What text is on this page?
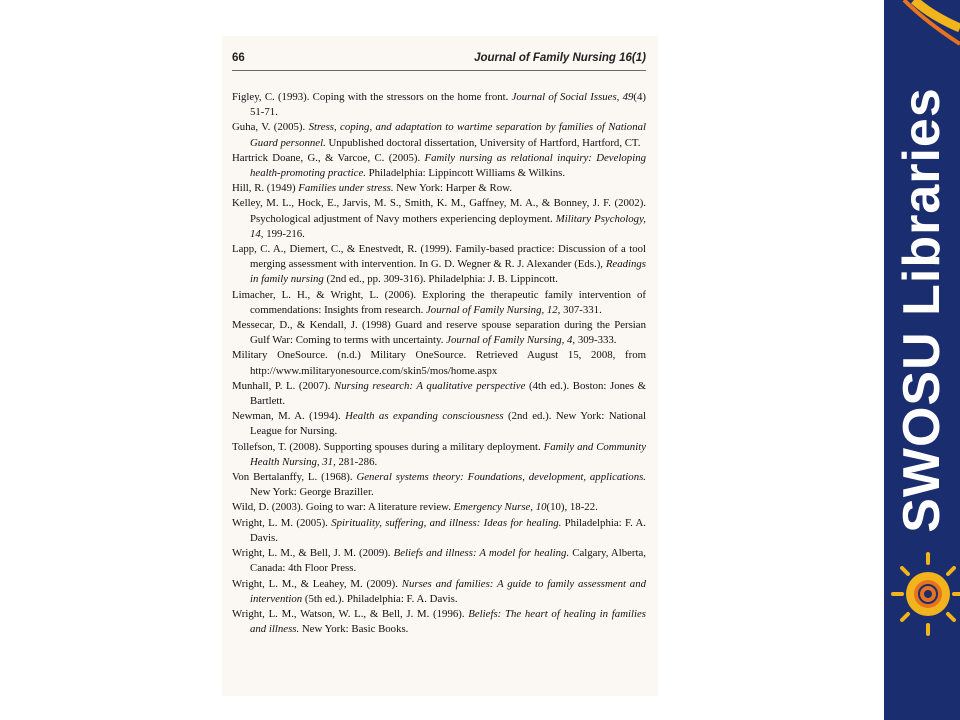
66	Journal of Family Nursing 16(1)
Figley, C. (1993). Coping with the stressors on the home front. Journal of Social Issues, 49(4) 51-71.
Guha, V. (2005). Stress, coping, and adaptation to wartime separation by families of National Guard personnel. Unpublished doctoral dissertation, University of Hartford, Hartford, CT.
Hartrick Doane, G., & Varcoe, C. (2005). Family nursing as relational inquiry: Developing health-promoting practice. Philadelphia: Lippincott Williams & Wilkins.
Hill, R. (1949) Families under stress. New York: Harper & Row.
Kelley, M. L., Hock, E., Jarvis, M. S., Smith, K. M., Gaffney, M. A., & Bonney, J. F. (2002). Psychological adjustment of Navy mothers experiencing deployment. Military Psychology, 14, 199-216.
Lapp, C. A., Diemert, C., & Enestvedt, R. (1999). Family-based practice: Discussion of a tool merging assessment with intervention. In G. D. Wegner & R. J. Alexander (Eds.), Readings in family nursing (2nd ed., pp. 309-316). Philadelphia: J. B. Lippincott.
Limacher, L. H., & Wright, L. (2006). Exploring the therapeutic family intervention of commendations: Insights from research. Journal of Family Nursing, 12, 307-331.
Messecar, D., & Kendall, J. (1998) Guard and reserve spouse separation during the Persian Gulf War: Coming to terms with uncertainty. Journal of Family Nursing, 4, 309-333.
Military OneSource. (n.d.) Military OneSource. Retrieved August 15, 2008, from http://www.militaryonesource.com/skin5/mos/home.aspx
Munhall, P. L. (2007). Nursing research: A qualitative perspective (4th ed.). Boston: Jones & Bartlett.
Newman, M. A. (1994). Health as expanding consciousness (2nd ed.). New York: National League for Nursing.
Tollefson, T. (2008). Supporting spouses during a military deployment. Family and Community Health Nursing, 31, 281-286.
Von Bertalanffy, L. (1968). General systems theory: Foundations, development, applications. New York: George Braziller.
Wild, D. (2003). Going to war: A literature review. Emergency Nurse, 10(10), 18-22.
Wright, L. M. (2005). Spirituality, suffering, and illness: Ideas for healing. Philadelphia: F. A. Davis.
Wright, L. M., & Bell, J. M. (2009). Beliefs and illness: A model for healing. Calgary, Alberta, Canada: 4th Floor Press.
Wright, L. M., & Leahey, M. (2009). Nurses and families: A guide to family assessment and intervention (5th ed.). Philadelphia: F. A. Davis.
Wright, L. M., Watson, W. L., & Bell, J. M. (1996). Beliefs: The heart of healing in families and illness. New York: Basic Books.
SWOSU Libraries
